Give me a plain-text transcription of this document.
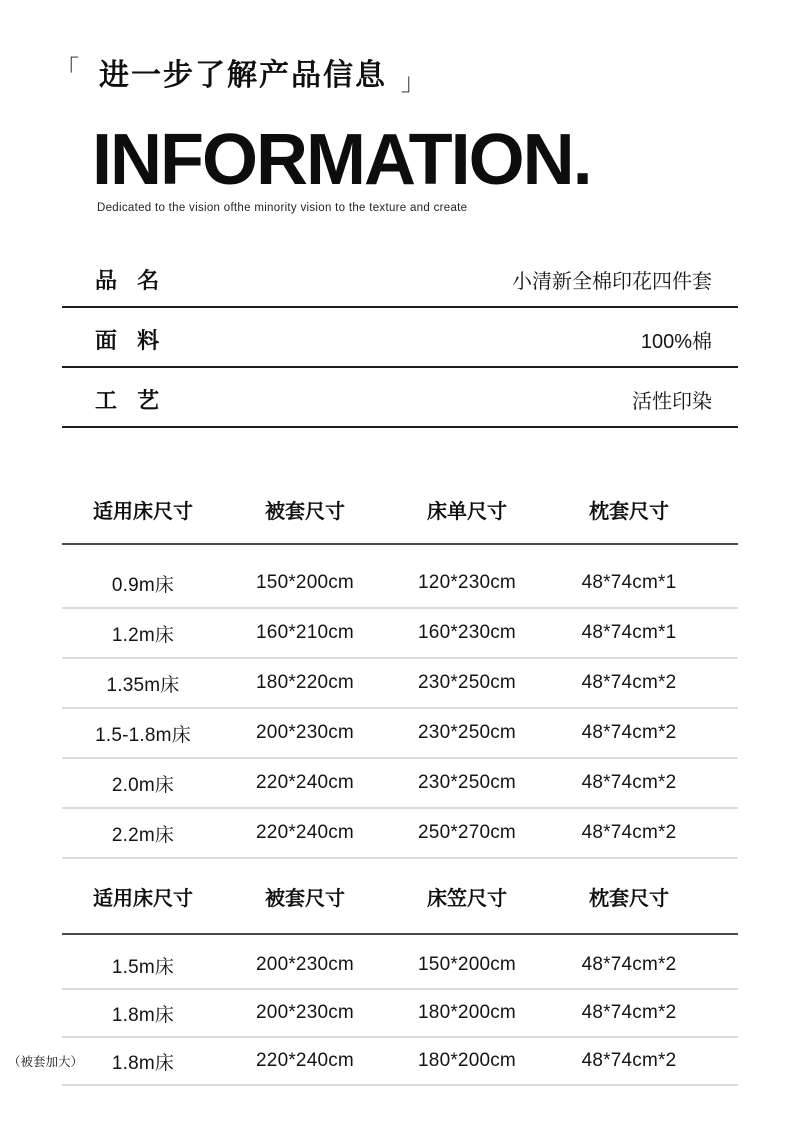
「 进一步了解产品信息 」
INFORMATION.
Dedicated to the vision ofthe minority vision to the texture and create
品 名	小清新全棉印花四件套
面 料	100%棉
工 艺	活性印染
适用床尺寸	被套尺寸	床单尺寸	枕套尺寸
0.9m床	150*200cm	120*230cm	48*74cm*1
1.2m床	160*210cm	160*230cm	48*74cm*1
1.35m床	180*220cm	230*250cm	48*74cm*2
1.5-1.8m床	200*230cm	230*250cm	48*74cm*2
2.0m床	220*240cm	230*250cm	48*74cm*2
2.2m床	220*240cm	250*270cm	48*74cm*2
适用床尺寸	被套尺寸	床笠尺寸	枕套尺寸
1.5m床	200*230cm	150*200cm	48*74cm*2
1.8m床	200*230cm	180*200cm	48*74cm*2
（被套加大）	1.8m床	220*240cm	180*200cm	48*74cm*2
